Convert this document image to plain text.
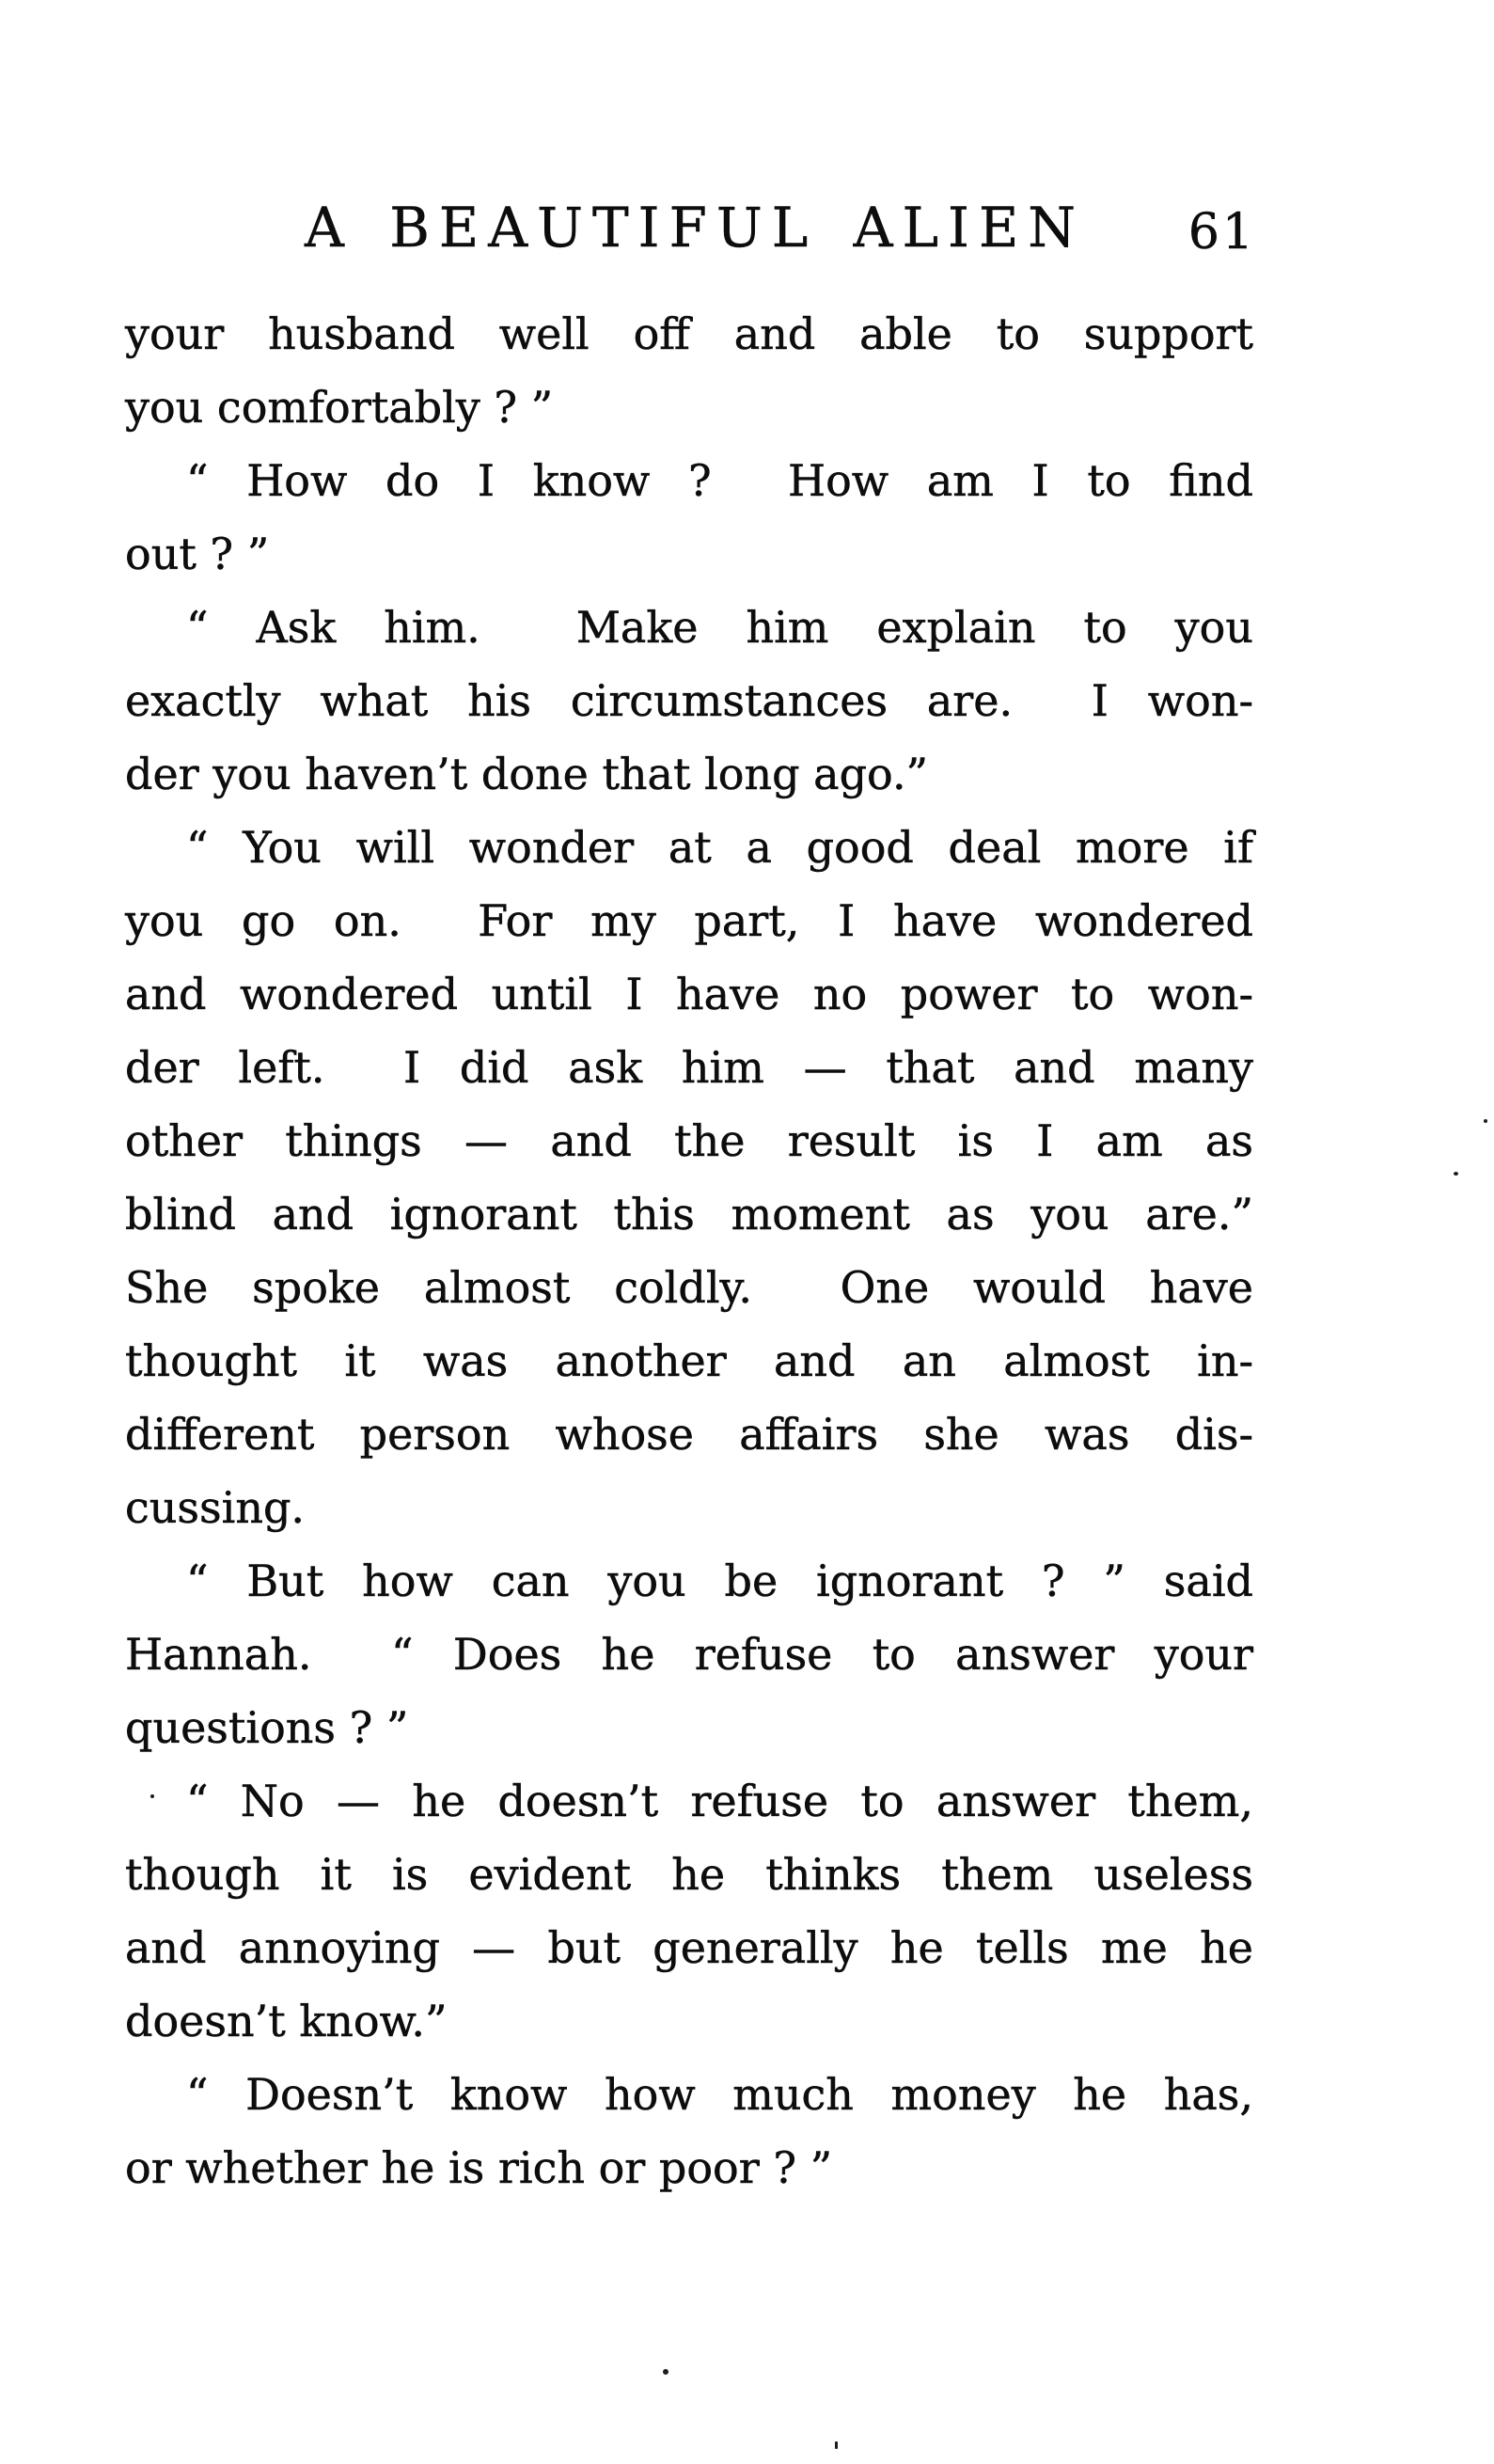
A BEAUTIFUL ALIEN 61
your husband well off and able to support
you comfortably ? ”
“ How do I know ?  How am I to find
out ? ”
“ Ask him.  Make him explain to you
exactly what his circumstances are.  I won-
der you haven’t done that long ago.”
“ You will wonder at a good deal more if
you go on.  For my part, I have wondered
and wondered until I have no power to won-
der left.  I did ask him — that and many
other things — and the result is I am as
blind and ignorant this moment as you are.”
She spoke almost coldly.  One would have
thought it was another and an almost in-
different person whose affairs she was dis-
cussing.
“ But how can you be ignorant ? ” said
Hannah.  “ Does he refuse to answer your
questions ? ”
“ No — he doesn’t refuse to answer them,
though it is evident he thinks them useless
and annoying — but generally he tells me he
doesn’t know.”
“ Doesn’t know how much money he has,
or whether he is rich or poor ? ”
